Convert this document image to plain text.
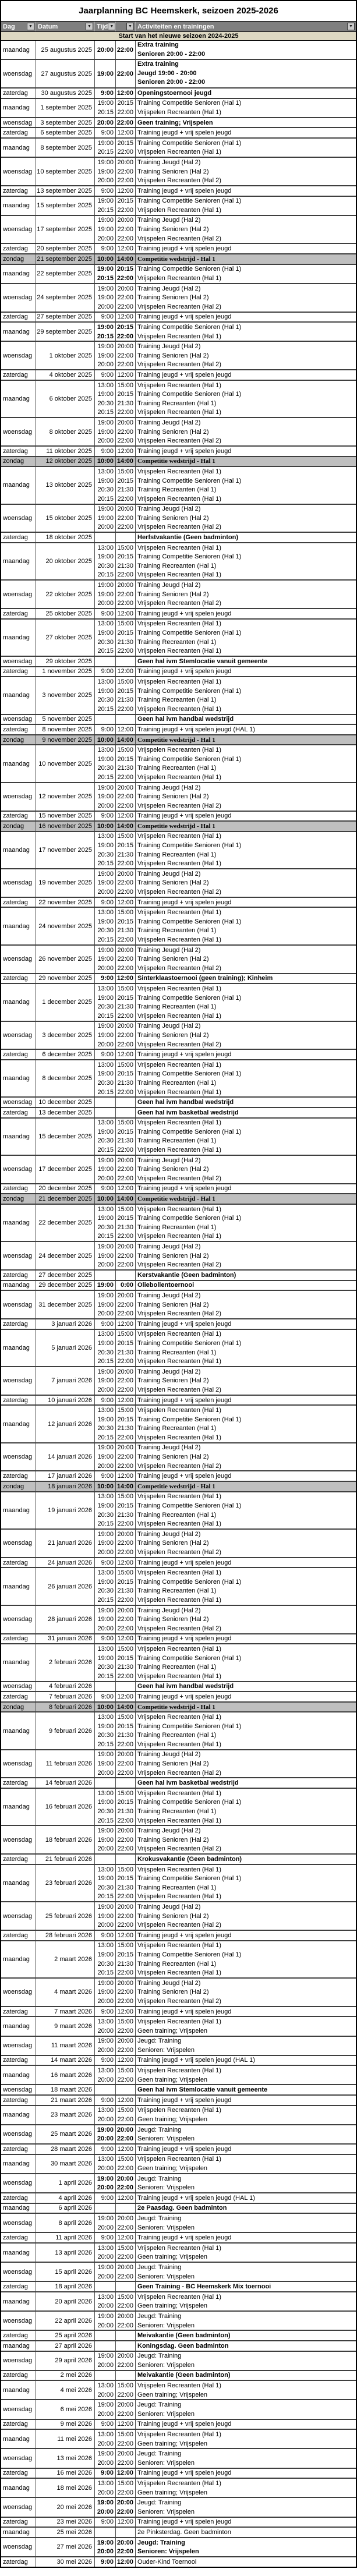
Jaarplanning BC Heemskerk, seizoen 2025-2026
Dag	▼ Datum	▼ Tijd ▼	▼ Activiteiten en trainingen	▼
Start van het nieuwe seizoen 2024-2025
maandag	25 augustus 2025 20:00 22:00
Extra training
Senioren 20:00 - 22:00
woensdag	27 augustus 2025 19:00 22:00
Extra training
Jeugd 19:00 - 20:00
Senioren 20:00 - 22:00
zaterdag	30 augustus 2025	9:00 12:00 Openingstoernooi jeugd
maandag	1 september 2025
19:00 20:15 Training Competitie Senioren (Hal 1)
20:15 22:00 Vrijspelen Recreanten (Hal 1)
woensdag	3 september 2025 20:00 22:00 Geen training; Vrijspelen
zaterdag	6 september 2025	9:00 12:00 Training jeugd + vrij spelen jeugd
maandag	8 september 2025
19:00 20:15 Training Competitie Senioren (Hal 1)
20:15 22:00 Vrijspelen Recreanten (Hal 1)
woensdag 10 september 2025
19:00 20:00 Training Jeugd (Hal 2)
19:00 22:00 Training Senioren (Hal 2)
20:00 22:00 Vrijspelen Recreanten (Hal 2)
zaterdag	13 september 2025	9:00 12:00 Training jeugd + vrij spelen jeugd
maandag	15 september 2025
19:00 20:15 Training Competitie Senioren (Hal 1)
20:15 22:00 Vrijspelen Recreanten (Hal 1)
woensdag 17 september 2025
19:00 20:00 Training Jeugd (Hal 2)
19:00 22:00 Training Senioren (Hal 2)
20:00 22:00 Vrijspelen Recreanten (Hal 2)
zaterdag	20 september 2025	9:00 12:00 Training jeugd + vrij spelen jeugd
zondag	21 september 2025 10:00 14:00 Competitie wedstrijd - Hal 1
maandag	22 september 2025
19:00 20:15 Training Competitie Senioren (Hal 1)
20:15 22:00 Vrijspelen Recreanten (Hal 1)
woensdag 24 september 2025
19:00 20:00 Training Jeugd (Hal 2)
19:00 22:00 Training Senioren (Hal 2)
20:00 22:00 Vrijspelen Recreanten (Hal 2)
zaterdag	27 september 2025	9:00 12:00 Training jeugd + vrij spelen jeugd
maandag	29 september 2025
19:00 20:15 Training Competitie Senioren (Hal 1)
20:15 22:00 Vrijspelen Recreanten (Hal 1)
woensdag	1 oktober 2025
19:00 20:00 Training Jeugd (Hal 2)
19:00 22:00 Training Senioren (Hal 2)
20:00 22:00 Vrijspelen Recreanten (Hal 2)
zaterdag	4 oktober 2025	9:00 12:00 Training jeugd + vrij spelen jeugd
maandag	6 oktober 2025
13:00 15:00 Vrijspelen Recreanten (Hal 1)
19:00 20:15 Training Competitie Senioren (Hal 1)
20:30 21:30 Training Recreanten (Hal 1)
20:15 22:00 Vrijspelen Recreanten (Hal 1)
woensdag	8 oktober 2025
19:00 20:00 Training Jeugd (Hal 2)
19:00 22:00 Training Senioren (Hal 2)
20:00 22:00 Vrijspelen Recreanten (Hal 2)
zaterdag	11 oktober 2025	9:00 12:00 Training jeugd + vrij spelen jeugd
zondag	12 oktober 2025 10:00 14:00 Competitie wedstrijd - Hal 1
maandag	13 oktober 2025
13:00 15:00 Vrijspelen Recreanten (Hal 1)
19:00 20:15 Training Competitie Senioren (Hal 1)
20:30 21:30 Training Recreanten (Hal 1)
20:15 22:00 Vrijspelen Recreanten (Hal 1)
woensdag	15 oktober 2025
19:00 20:00 Training Jeugd (Hal 2)
19:00 22:00 Training Senioren (Hal 2)
20:00 22:00 Vrijspelen Recreanten (Hal 2)
zaterdag	18 oktober 2025	Herfstvakantie (Geen badminton)
maandag	20 oktober 2025
13:00 15:00 Vrijspelen Recreanten (Hal 1)
19:00 20:15 Training Competitie Senioren (Hal 1)
20:30 21:30 Training Recreanten (Hal 1)
20:15 22:00 Vrijspelen Recreanten (Hal 1)
woensdag	22 oktober 2025
19:00 20:00 Training Jeugd (Hal 2)
19:00 22:00 Training Senioren (Hal 2)
20:00 22:00 Vrijspelen Recreanten (Hal 2)
zaterdag	25 oktober 2025	9:00 12:00 Training jeugd + vrij spelen jeugd
maandag	27 oktober 2025
13:00 15:00 Vrijspelen Recreanten (Hal 1)
19:00 20:15 Training Competitie Senioren (Hal 1)
20:30 21:30 Training Recreanten (Hal 1)
20:15 22:00 Vrijspelen Recreanten (Hal 1)
woensdag	29 oktober 2025	Geen hal ivm Stemlocatie vanuit gemeente
zaterdag	1 november 2025	9:00 12:00 Training jeugd + vrij spelen jeugd
maandag	3 november 2025
13:00 15:00 Vrijspelen Recreanten (Hal 1)
19:00 20:15 Training Competitie Senioren (Hal 1)
20:30 21:30 Training Recreanten (Hal 1)
20:15 22:00 Vrijspelen Recreanten (Hal 1)
woensdag	5 november 2025	Geen hal ivm handbal wedstrijd
zaterdag	8 november 2025	9:00 12:00 Training jeugd + vrij spelen jeugd (HAL 1)
zondag	9 november 2025 10:00 14:00 Competitie wedstrijd - Hal 1
maandag	10 november 2025
13:00 15:00 Vrijspelen Recreanten (Hal 1)
19:00 20:15 Training Competitie Senioren (Hal 1)
20:30 21:30 Training Recreanten (Hal 1)
20:15 22:00 Vrijspelen Recreanten (Hal 1)
woensdag	12 november 2025
19:00 20:00 Training Jeugd (Hal 2)
19:00 22:00 Training Senioren (Hal 2)
20:00 22:00 Vrijspelen Recreanten (Hal 2)
zaterdag	15 november 2025	9:00 12:00 Training jeugd + vrij spelen jeugd
zondag	16 november 2025 10:00 14:00 Competitie wedstrijd - Hal 1
maandag	17 november 2025
13:00 15:00 Vrijspelen Recreanten (Hal 1)
19:00 20:15 Training Competitie Senioren (Hal 1)
20:30 21:30 Training Recreanten (Hal 1)
20:15 22:00 Vrijspelen Recreanten (Hal 1)
woensdag	19 november 2025
19:00 20:00 Training Jeugd (Hal 2)
19:00 22:00 Training Senioren (Hal 2)
20:00 22:00 Vrijspelen Recreanten (Hal 2)
zaterdag	22 november 2025	9:00 12:00 Training jeugd + vrij spelen jeugd
maandag	24 november 2025
13:00 15:00 Vrijspelen Recreanten (Hal 1)
19:00 20:15 Training Competitie Senioren (Hal 1)
20:30 21:30 Training Recreanten (Hal 1)
20:15 22:00 Vrijspelen Recreanten (Hal 1)
woensdag	26 november 2025
19:00 20:00 Training Jeugd (Hal 2)
19:00 22:00 Training Senioren (Hal 2)
20:00 22:00 Vrijspelen Recreanten (Hal 2)
zaterdag	29 november 2025	9:00 12:00 Sinterklaastoernooi (geen training); Kinheim
maandag	1 december 2025
13:00 15:00 Vrijspelen Recreanten (Hal 1)
19:00 20:15 Training Competitie Senioren (Hal 1)
20:30 21:30 Training Recreanten (Hal 1)
20:15 22:00 Vrijspelen Recreanten (Hal 1)
woensdag	3 december 2025
19:00 20:00 Training Jeugd (Hal 2)
19:00 22:00 Training Senioren (Hal 2)
20:00 22:00 Vrijspelen Recreanten (Hal 2)
zaterdag	6 december 2025	9:00 12:00 Training jeugd + vrij spelen jeugd
maandag	8 december 2025
13:00 15:00 Vrijspelen Recreanten (Hal 1)
19:00 20:15 Training Competitie Senioren (Hal 1)
20:30 21:30 Training Recreanten (Hal 1)
20:15 22:00 Vrijspelen Recreanten (Hal 1)
woensdag	10 december 2025	Geen hal ivm handbal wedstrijd
zaterdag	13 december 2025	Geen hal ivm basketbal wedstrijd
maandag	15 december 2025
13:00 15:00 Vrijspelen Recreanten (Hal 1)
19:00 20:15 Training Competitie Senioren (Hal 1)
20:30 21:30 Training Recreanten (Hal 1)
20:15 22:00 Vrijspelen Recreanten (Hal 1)
woensdag	17 december 2025
19:00 20:00 Training Jeugd (Hal 2)
19:00 22:00 Training Senioren (Hal 2)
20:00 22:00 Vrijspelen Recreanten (Hal 2)
zaterdag	20 december 2025	9:00 12:00 Training jeugd + vrij spelen jeugd
zondag	21 december 2025 10:00 14:00 Competitie wedstrijd - Hal 1
maandag	22 december 2025
13:00 15:00 Vrijspelen Recreanten (Hal 1)
19:00 20:15 Training Competitie Senioren (Hal 1)
20:30 21:30 Training Recreanten (Hal 1)
20:15 22:00 Vrijspelen Recreanten (Hal 1)
woensdag	24 december 2025
19:00 20:00 Training Jeugd (Hal 2)
19:00 22:00 Training Senioren (Hal 2)
20:00 22:00 Vrijspelen Recreanten (Hal 2)
zaterdag	27 december 2025	Kerstvakantie (Geen badminton)
maandag	29 december 2025 19:00	0:00 Oliebollentoernooi
woensdag	31 december 2025
19:00 20:00 Training Jeugd (Hal 2)
19:00 22:00 Training Senioren (Hal 2)
20:00 22:00 Vrijspelen Recreanten (Hal 2)
zaterdag	3 januari 2026	9:00 12:00 Training jeugd + vrij spelen jeugd
maandag	5 januari 2026
13:00 15:00 Vrijspelen Recreanten (Hal 1)
19:00 20:15 Training Competitie Senioren (Hal 1)
20:30 21:30 Training Recreanten (Hal 1)
20:15 22:00 Vrijspelen Recreanten (Hal 1)
woensdag	7 januari 2026
19:00 20:00 Training Jeugd (Hal 2)
19:00 22:00 Training Senioren (Hal 2)
20:00 22:00 Vrijspelen Recreanten (Hal 2)
zaterdag	10 januari 2026	9:00 12:00 Training jeugd + vrij spelen jeugd
maandag	12 januari 2026
13:00 15:00 Vrijspelen Recreanten (Hal 1)
19:00 20:15 Training Competitie Senioren (Hal 1)
20:30 21:30 Training Recreanten (Hal 1)
20:15 22:00 Vrijspelen Recreanten (Hal 1)
woensdag	14 januari 2026
19:00 20:00 Training Jeugd (Hal 2)
19:00 22:00 Training Senioren (Hal 2)
20:00 22:00 Vrijspelen Recreanten (Hal 2)
zaterdag	17 januari 2026	9:00 12:00 Training jeugd + vrij spelen jeugd
zondag	18 januari 2026 10:00 14:00 Competitie wedstrijd - Hal 1
maandag	19 januari 2026
13:00 15:00 Vrijspelen Recreanten (Hal 1)
19:00 20:15 Training Competitie Senioren (Hal 1)
20:30 21:30 Training Recreanten (Hal 1)
20:15 22:00 Vrijspelen Recreanten (Hal 1)
woensdag	21 januari 2026
19:00 20:00 Training Jeugd (Hal 2)
19:00 22:00 Training Senioren (Hal 2)
20:00 22:00 Vrijspelen Recreanten (Hal 2)
zaterdag	24 januari 2026	9:00 12:00 Training jeugd + vrij spelen jeugd
maandag	26 januari 2026
13:00 15:00 Vrijspelen Recreanten (Hal 1)
19:00 20:15 Training Competitie Senioren (Hal 1)
20:30 21:30 Training Recreanten (Hal 1)
20:15 22:00 Vrijspelen Recreanten (Hal 1)
woensdag	28 januari 2026
19:00 20:00 Training Jeugd (Hal 2)
19:00 22:00 Training Senioren (Hal 2)
20:00 22:00 Vrijspelen Recreanten (Hal 2)
zaterdag	31 januari 2026	9:00 12:00 Training jeugd + vrij spelen jeugd
maandag	2 februari 2026
13:00 15:00 Vrijspelen Recreanten (Hal 1)
19:00 20:15 Training Competitie Senioren (Hal 1)
20:30 21:30 Training Recreanten (Hal 1)
20:15 22:00 Vrijspelen Recreanten (Hal 1)
woensdag	4 februari 2026	Geen hal ivm handbal wedstrijd
zaterdag	7 februari 2026	9:00 12:00 Training jeugd + vrij spelen jeugd
zondag	8 februari 2026 10:00 14:00 Competitie wedstrijd - Hal 1
maandag	9 februari 2026
13:00 15:00 Vrijspelen Recreanten (Hal 1)
19:00 20:15 Training Competitie Senioren (Hal 1)
20:30 21:30 Training Recreanten (Hal 1)
20:15 22:00 Vrijspelen Recreanten (Hal 1)
woensdag	11 februari 2026
19:00 20:00 Training Jeugd (Hal 2)
19:00 22:00 Training Senioren (Hal 2)
20:00 22:00 Vrijspelen Recreanten (Hal 2)
zaterdag	14 februari 2026	Geen hal ivm basketbal wedstrijd
maandag	16 februari 2026
13:00 15:00 Vrijspelen Recreanten (Hal 1)
19:00 20:15 Training Competitie Senioren (Hal 1)
20:30 21:30 Training Recreanten (Hal 1)
20:15 22:00 Vrijspelen Recreanten (Hal 1)
woensdag	18 februari 2026
19:00 20:00 Training Jeugd (Hal 2)
19:00 22:00 Training Senioren (Hal 2)
20:00 22:00 Vrijspelen Recreanten (Hal 2)
zaterdag	21 februari 2026	Krokusvakantie (Geen badminton)
maandag	23 februari 2026
13:00 15:00 Vrijspelen Recreanten (Hal 1)
19:00 20:15 Training Competitie Senioren (Hal 1)
20:30 21:30 Training Recreanten (Hal 1)
20:15 22:00 Vrijspelen Recreanten (Hal 1)
woensdag	25 februari 2026
19:00 20:00 Training Jeugd (Hal 2)
19:00 22:00 Training Senioren (Hal 2)
20:00 22:00 Vrijspelen Recreanten (Hal 2)
zaterdag	28 februari 2026	9:00 12:00 Training jeugd + vrij spelen jeugd
maandag	2 maart 2026
13:00 15:00 Vrijspelen Recreanten (Hal 1)
19:00 20:15 Training Competitie Senioren (Hal 1)
20:30 21:30 Training Recreanten (Hal 1)
20:15 22:00 Vrijspelen Recreanten (Hal 1)
woensdag	4 maart 2026
19:00 20:00 Training Jeugd (Hal 2)
19:00 22:00 Training Senioren (Hal 2)
20:00 22:00 Vrijspelen Recreanten (Hal 2)
zaterdag	7 maart 2026	9:00 12:00 Training jeugd + vrij spelen jeugd
maandag	9 maart 2026
13:00 15:00 Vrijspelen Recreanten (Hal 1)
20:00 22:00 Geen training; Vrijspelen
woensdag	11 maart 2026
19:00 20:00 Jeugd: Training
20:00 22:00 Senioren: Vrijspelen
zaterdag	14 maart 2026	9:00 12:00 Training jeugd + vrij spelen jeugd (HAL 1)
maandag	16 maart 2026
13:00 15:00 Vrijspelen Recreanten (Hal 1)
20:00 22:00 Geen training; Vrijspelen
woensdag	18 maart 2026	Geen hal ivm Stemlocatie vanuit gemeente
zaterdag	21 maart 2026	9:00 12:00 Training jeugd + vrij spelen jeugd
maandag	23 maart 2026
13:00 15:00 Vrijspelen Recreanten (Hal 1)
20:00 22:00 Geen training; Vrijspelen
woensdag	25 maart 2026
19:00 20:00 Jeugd: Training
20:00 22:00 Senioren: Vrijspelen
zaterdag	28 maart 2026	9:00 12:00 Training jeugd + vrij spelen jeugd
maandag	30 maart 2026
13:00 15:00 Vrijspelen Recreanten (Hal 1)
20:00 22:00 Geen training; Vrijspelen
woensdag	1 april 2026
19:00 20:00 Jeugd: Training
20:00 22:00 Senioren: Vrijspelen
zaterdag	4 april 2026	9:00 12:00 Training jeugd + vrij spelen jeugd (HAL 1)
maandag	6 april 2026	2e Paasdag. Geen badminton
woensdag	8 april 2026
19:00 20:00 Jeugd: Training
20:00 22:00 Senioren: Vrijspelen
zaterdag	11 april 2026	9:00 12:00 Training jeugd + vrij spelen jeugd
maandag	13 april 2026
13:00 15:00 Vrijspelen Recreanten (Hal 1)
20:00 22:00 Geen training; Vrijspelen
woensdag	15 april 2026
19:00 20:00 Jeugd: Training
20:00 22:00 Senioren: Vrijspelen
zaterdag	18 april 2026	Geen Training - BC Heemskerk Mix toernooi
maandag	20 april 2026
13:00 15:00 Vrijspelen Recreanten (Hal 1)
20:00 22:00 Geen training; Vrijspelen
woensdag	22 april 2026
19:00 20:00 Jeugd: Training
20:00 22:00 Senioren: Vrijspelen
zaterdag	25 april 2026	Meivakantie (Geen badminton)
maandag	27 april 2026	Koningsdag. Geen badminton
woensdag	29 april 2026
19:00 20:00 Jeugd: Training
20:00 22:00 Senioren: Vrijspelen
zaterdag	2 mei 2026	Meivakantie (Geen badminton)
maandag	4 mei 2026
13:00 15:00 Vrijspelen Recreanten (Hal 1)
20:00 22:00 Geen training; Vrijspelen
woensdag	6 mei 2026
19:00 20:00 Jeugd: Training
20:00 22:00 Senioren: Vrijspelen
zaterdag	9 mei 2026	9:00 12:00 Training jeugd + vrij spelen jeugd
maandag	11 mei 2026
13:00 15:00 Vrijspelen Recreanten (Hal 1)
20:00 22:00 Geen training; Vrijspelen
woensdag	13 mei 2026
19:00 20:00 Jeugd: Training
20:00 22:00 Senioren: Vrijspelen
zaterdag	16 mei 2026	9:00 12:00 Training jeugd + vrij spelen jeugd
maandag	18 mei 2026
13:00 15:00 Vrijspelen Recreanten (Hal 1)
20:00 22:00 Geen training; Vrijspelen
woensdag	20 mei 2026
19:00 20:00 Jeugd: Training
20:00 22:00 Senioren: Vrijspelen
zaterdag	23 mei 2026	9:00 12:00 Training jeugd + vrij spelen jeugd
maandag	25 mei 2026	2e Pinksterdag. Geen badminton
woensdag	27 mei 2026
19:00 20:00 Jeugd: Training
20:00 22:00 Senioren: Vrijspelen
zaterdag	30 mei 2026	9:00 12:00 Ouder-Kind Toernooi
